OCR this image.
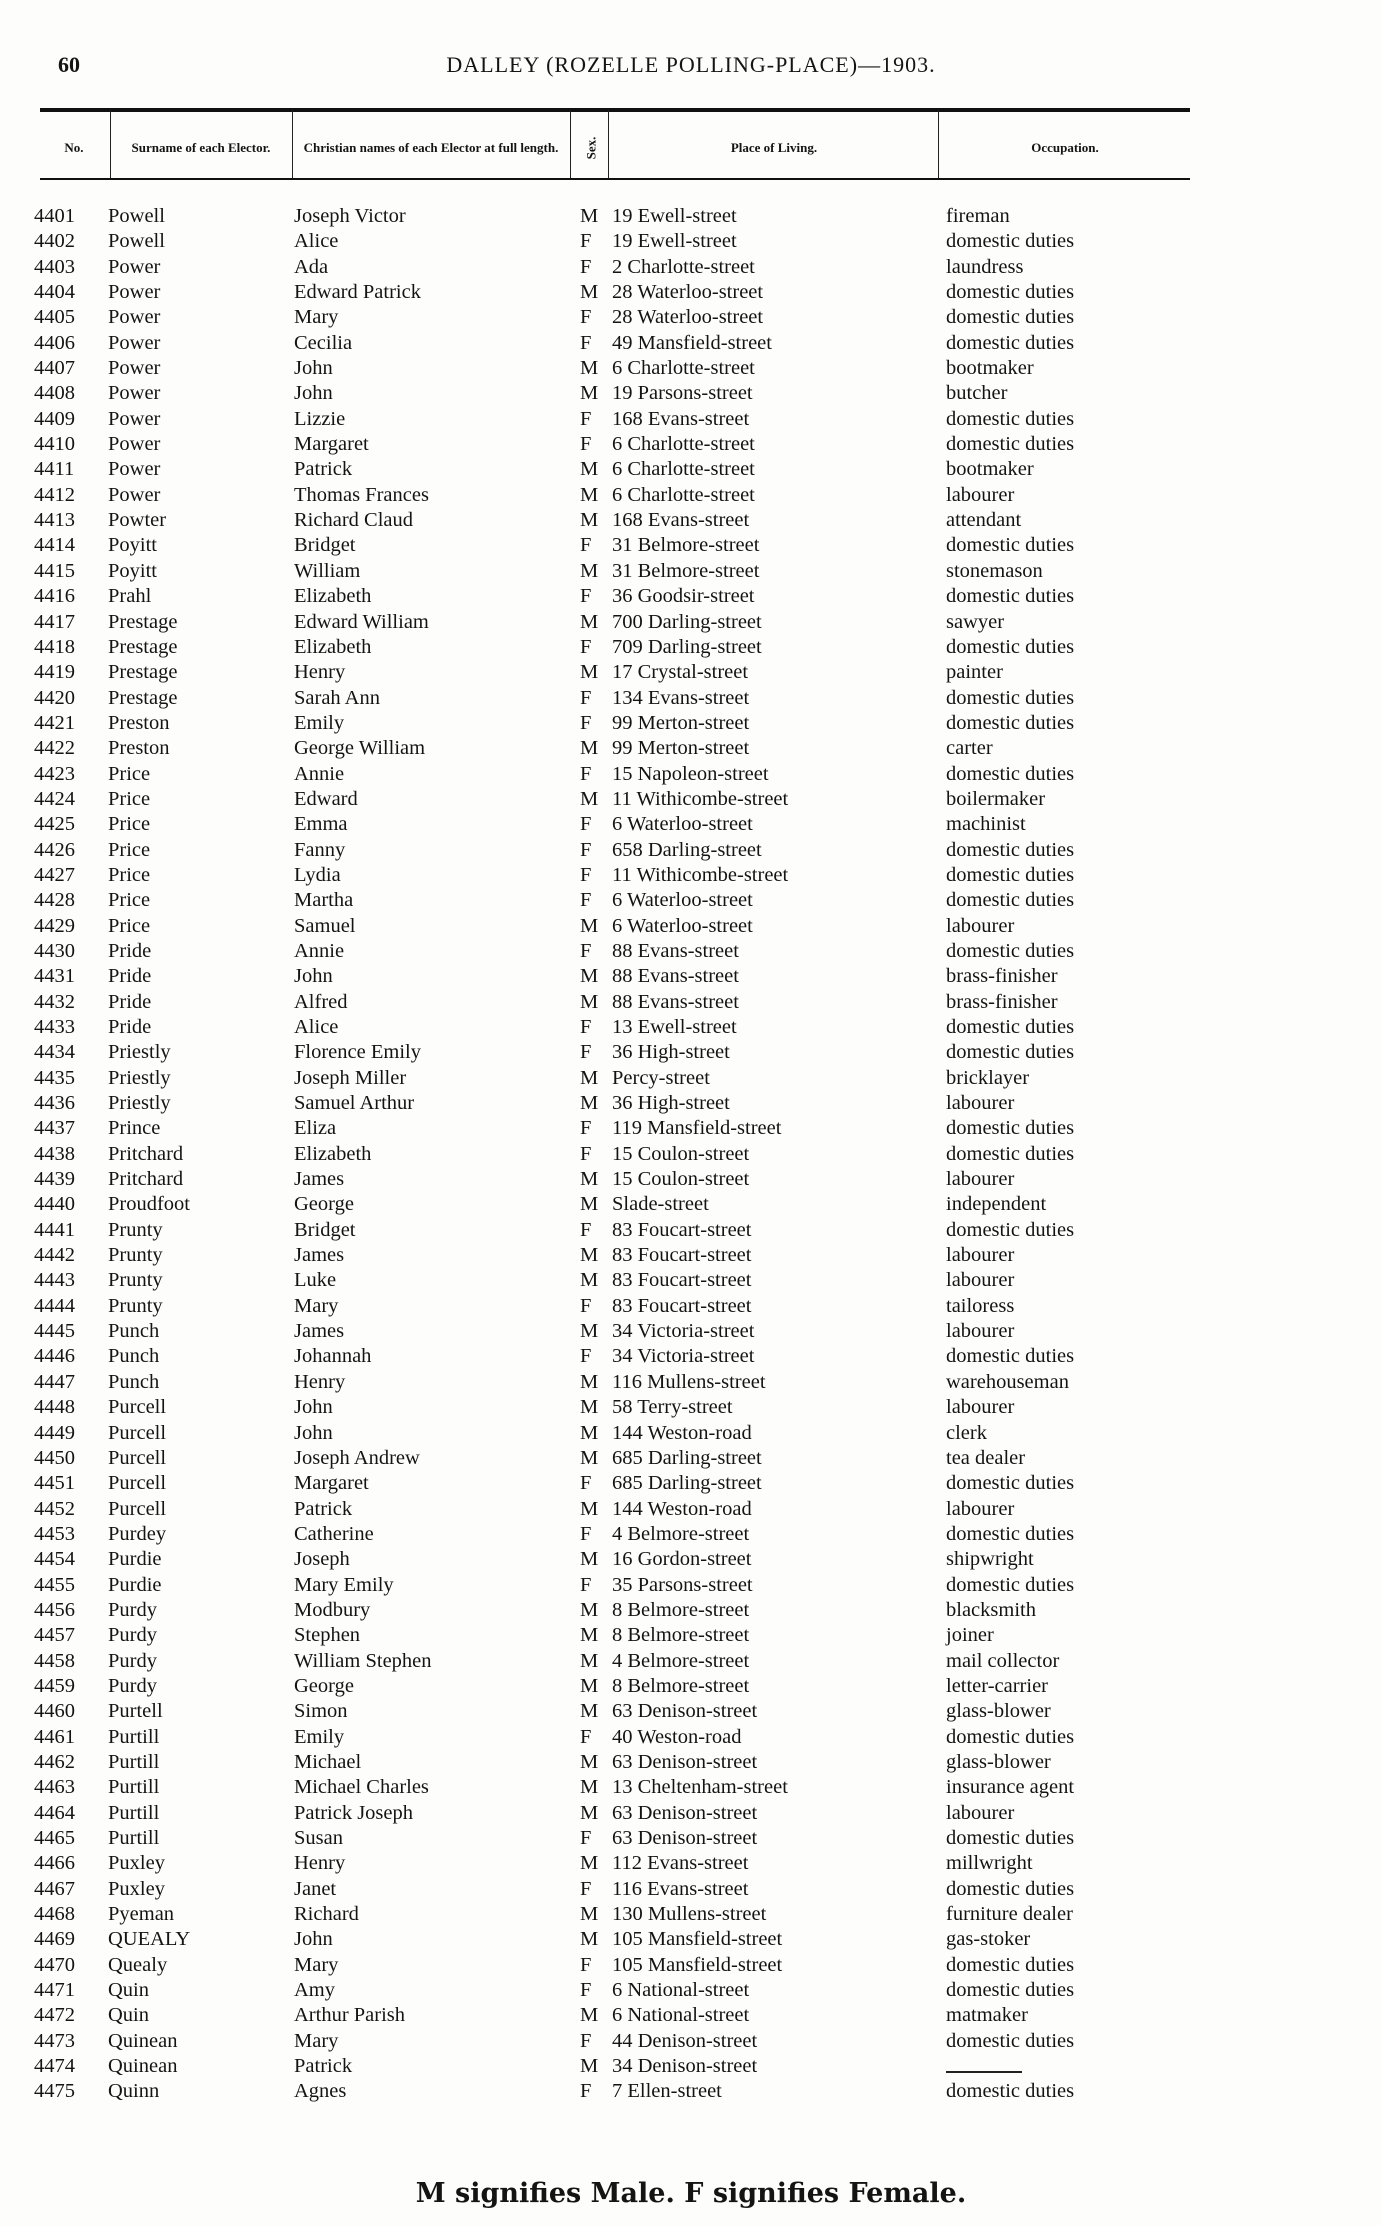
60	DALLEY (ROZELLE POLLING-PLACE)—1903.
No.	Surname of each Elector.	Christian names of each Elector at full length. Sex.	Place of Living.	Occupation.
4401 Powell	Joseph Victor	M 19 Ewell-street	fireman
4402 Powell	Alice	F 19 Ewell-street	domestic duties
4403 Power	Ada	F 2 Charlotte-street	laundress
4404 Power	Edward Patrick	M 28 Waterloo-street	domestic duties
4405 Power	Mary	F 28 Waterloo-street	domestic duties
4406 Power	Cecilia	F 49 Mansfield-street	domestic duties
4407 Power	John	M 6 Charlotte-street	bootmaker
4408 Power	John	M 19 Parsons-street	butcher
4409 Power	Lizzie	F 168 Evans-street	domestic duties
4410 Power	Margaret	F 6 Charlotte-street	domestic duties
4411 Power	Patrick	M 6 Charlotte-street	bootmaker
4412 Power	Thomas Frances	M 6 Charlotte-street	labourer
4413 Powter	Richard Claud	M 168 Evans-street	attendant
4414 Poyitt	Bridget	F 31 Belmore-street	domestic duties
4415 Poyitt	William	M 31 Belmore-street	stonemason
4416 Prahl	Elizabeth	F 36 Goodsir-street	domestic duties
4417 Prestage	Edward William	M 700 Darling-street	sawyer
4418 Prestage	Elizabeth	F 709 Darling-street	domestic duties
4419 Prestage	Henry	M 17 Crystal-street	painter
4420 Prestage	Sarah Ann	F 134 Evans-street	domestic duties
4421 Preston	Emily	F 99 Merton-street	domestic duties
4422 Preston	George William	M 99 Merton-street	carter
4423 Price	Annie	F 15 Napoleon-street	domestic duties
4424 Price	Edward	M 11 Withicombe-street	boilermaker
4425 Price	Emma	F 6 Waterloo-street	machinist
4426 Price	Fanny	F 658 Darling-street	domestic duties
4427 Price	Lydia	F 11 Withicombe-street	domestic duties
4428 Price	Martha	F 6 Waterloo-street	domestic duties
4429 Price	Samuel	M 6 Waterloo-street	labourer
4430 Pride	Annie	F 88 Evans-street	domestic duties
4431 Pride	John	M 88 Evans-street	brass-finisher
4432 Pride	Alfred	M 88 Evans-street	brass-finisher
4433 Pride	Alice	F 13 Ewell-street	domestic duties
4434 Priestly	Florence Emily	F 36 High-street	domestic duties
4435 Priestly	Joseph Miller	M Percy-street	bricklayer
4436 Priestly	Samuel Arthur	M 36 High-street	labourer
4437 Prince	Eliza	F 119 Mansfield-street	domestic duties
4438 Pritchard	Elizabeth	F 15 Coulon-street	domestic duties
4439 Pritchard	James	M 15 Coulon-street	labourer
4440 Proudfoot	George	M Slade-street	independent
4441 Prunty	Bridget	F 83 Foucart-street	domestic duties
4442 Prunty	James	M 83 Foucart-street	labourer
4443 Prunty	Luke	M 83 Foucart-street	labourer
4444 Prunty	Mary	F 83 Foucart-street	tailoress
4445 Punch	James	M 34 Victoria-street	labourer
4446 Punch	Johannah	F 34 Victoria-street	domestic duties
4447 Punch	Henry	M 116 Mullens-street	warehouseman
4448 Purcell	John	M 58 Terry-street	labourer
4449 Purcell	John	M 144 Weston-road	clerk
4450 Purcell	Joseph Andrew	M 685 Darling-street	tea dealer
4451 Purcell	Margaret	F 685 Darling-street	domestic duties
4452 Purcell	Patrick	M 144 Weston-road	labourer
4453 Purdey	Catherine	F 4 Belmore-street	domestic duties
4454 Purdie	Joseph	M 16 Gordon-street	shipwright
4455 Purdie	Mary Emily	F 35 Parsons-street	domestic duties
4456 Purdy	Modbury	M 8 Belmore-street	blacksmith
4457 Purdy	Stephen	M 8 Belmore-street	joiner
4458 Purdy	William Stephen	M 4 Belmore-street	mail collector
4459 Purdy	George	M 8 Belmore-street	letter-carrier
4460 Purtell	Simon	M 63 Denison-street	glass-blower
4461 Purtill	Emily	F 40 Weston-road	domestic duties
4462 Purtill	Michael	M 63 Denison-street	glass-blower
4463 Purtill	Michael Charles	M 13 Cheltenham-street	insurance agent
4464 Purtill	Patrick Joseph	M 63 Denison-street	labourer
4465 Purtill	Susan	F 63 Denison-street	domestic duties
4466 Puxley	Henry	M 112 Evans-street	millwright
4467 Puxley	Janet	F 116 Evans-street	domestic duties
4468 Pyeman	Richard	M 130 Mullens-street	furniture dealer
4469 QUEALY	John	M 105 Mansfield-street	gas-stoker
4470 Quealy	Mary	F 105 Mansfield-street	domestic duties
4471 Quin	Amy	F 6 National-street	domestic duties
4472 Quin	Arthur Parish	M 6 National-street	matmaker
4473 Quinean	Mary	F 44 Denison-street	domestic duties
4474 Quinean	Patrick	M 34 Denison-street
4475 Quinn	Agnes	F 7 Ellen-street	domestic duties
M signifies Male. F signifies Female.
